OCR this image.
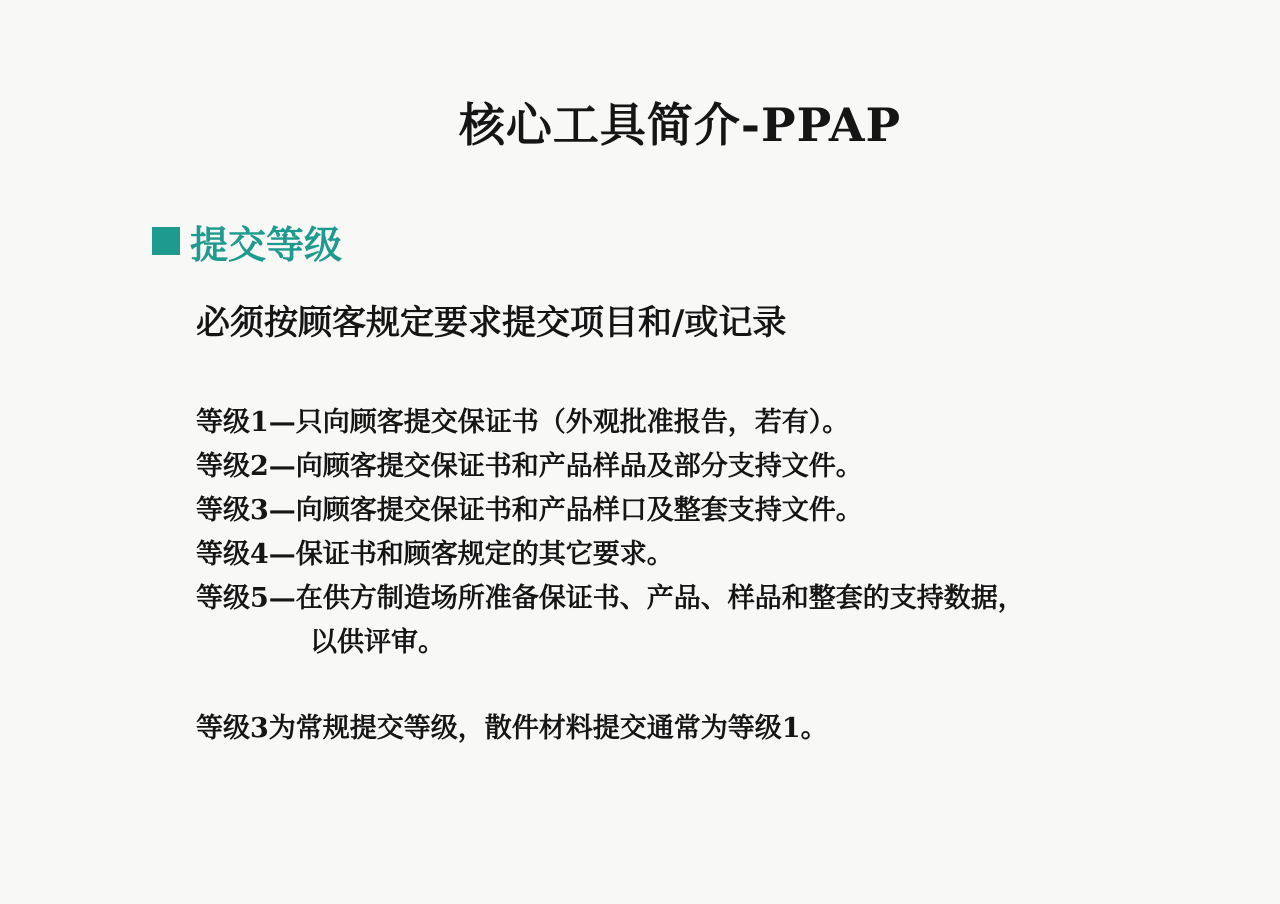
核心工具简介-PPAP
提交等级
必须按顾客规定要求提交项目和/或记录
等级1—只向顾客提交保证书（外观批准报告，若有）。
等级2—向顾客提交保证书和产品样品及部分支持文件。
等级3—向顾客提交保证书和产品样口及整套支持文件。
等级4—保证书和顾客规定的其它要求。
等级5—在供方制造场所准备保证书、产品、样品和整套的支持数据，
以供评审。
等级3为常规提交等级，散件材料提交通常为等级1。
